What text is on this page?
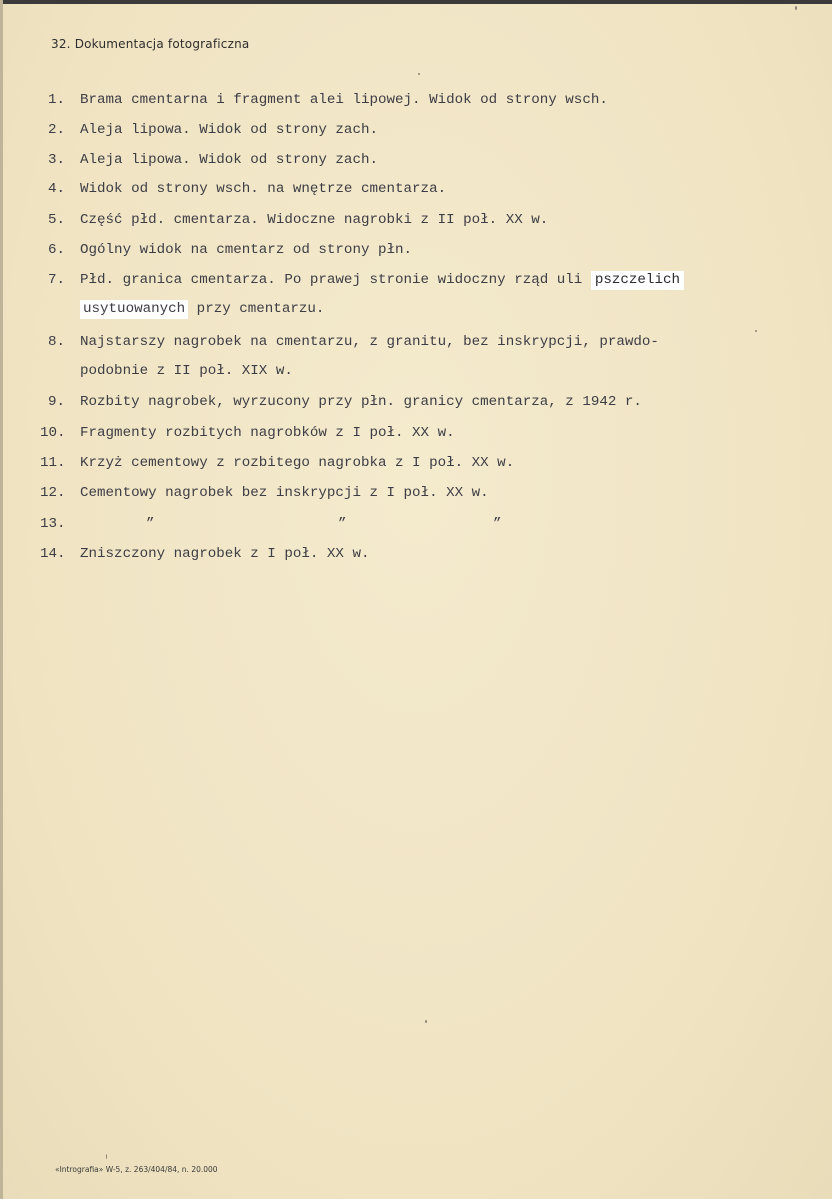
32. Dokumentacja fotograficzna
1. Brama cmentarna i fragment alei lipowej. Widok od strony wsch.
2. Aleja lipowa. Widok od strony zach.
3. Aleja lipowa. Widok od strony zach.
4. Widok od strony wsch. na wnętrze cmentarza.
5. Część płd. cmentarza. Widoczne nagrobki z II poł. XX w.
6. Ogólny widok na cmentarz od strony płn.
7. Płd. granica cmentarza. Po prawej stronie widoczny rząd uli pszczelich
usytuowanych przy cmentarzu.
8. Najstarszy nagrobek na cmentarzu, z granitu, bez inskrypcji, prawdo-
podobnie z II poł. XIX w.
9. Rozbity nagrobek, wyrzucony przy płn. granicy cmentarza, z 1942 r.
10. Fragmenty rozbitych nagrobków z I poł. XX w.
11. Krzyż cementowy z rozbitego nagrobka z I poł. XX w.
12. Cementowy nagrobek bez inskrypcji z I poł. XX w.
13.	”	”	”
14. Zniszczony nagrobek z I poł. XX w.
«Intrografia» W-5, z. 263/404/84, n. 20.000
